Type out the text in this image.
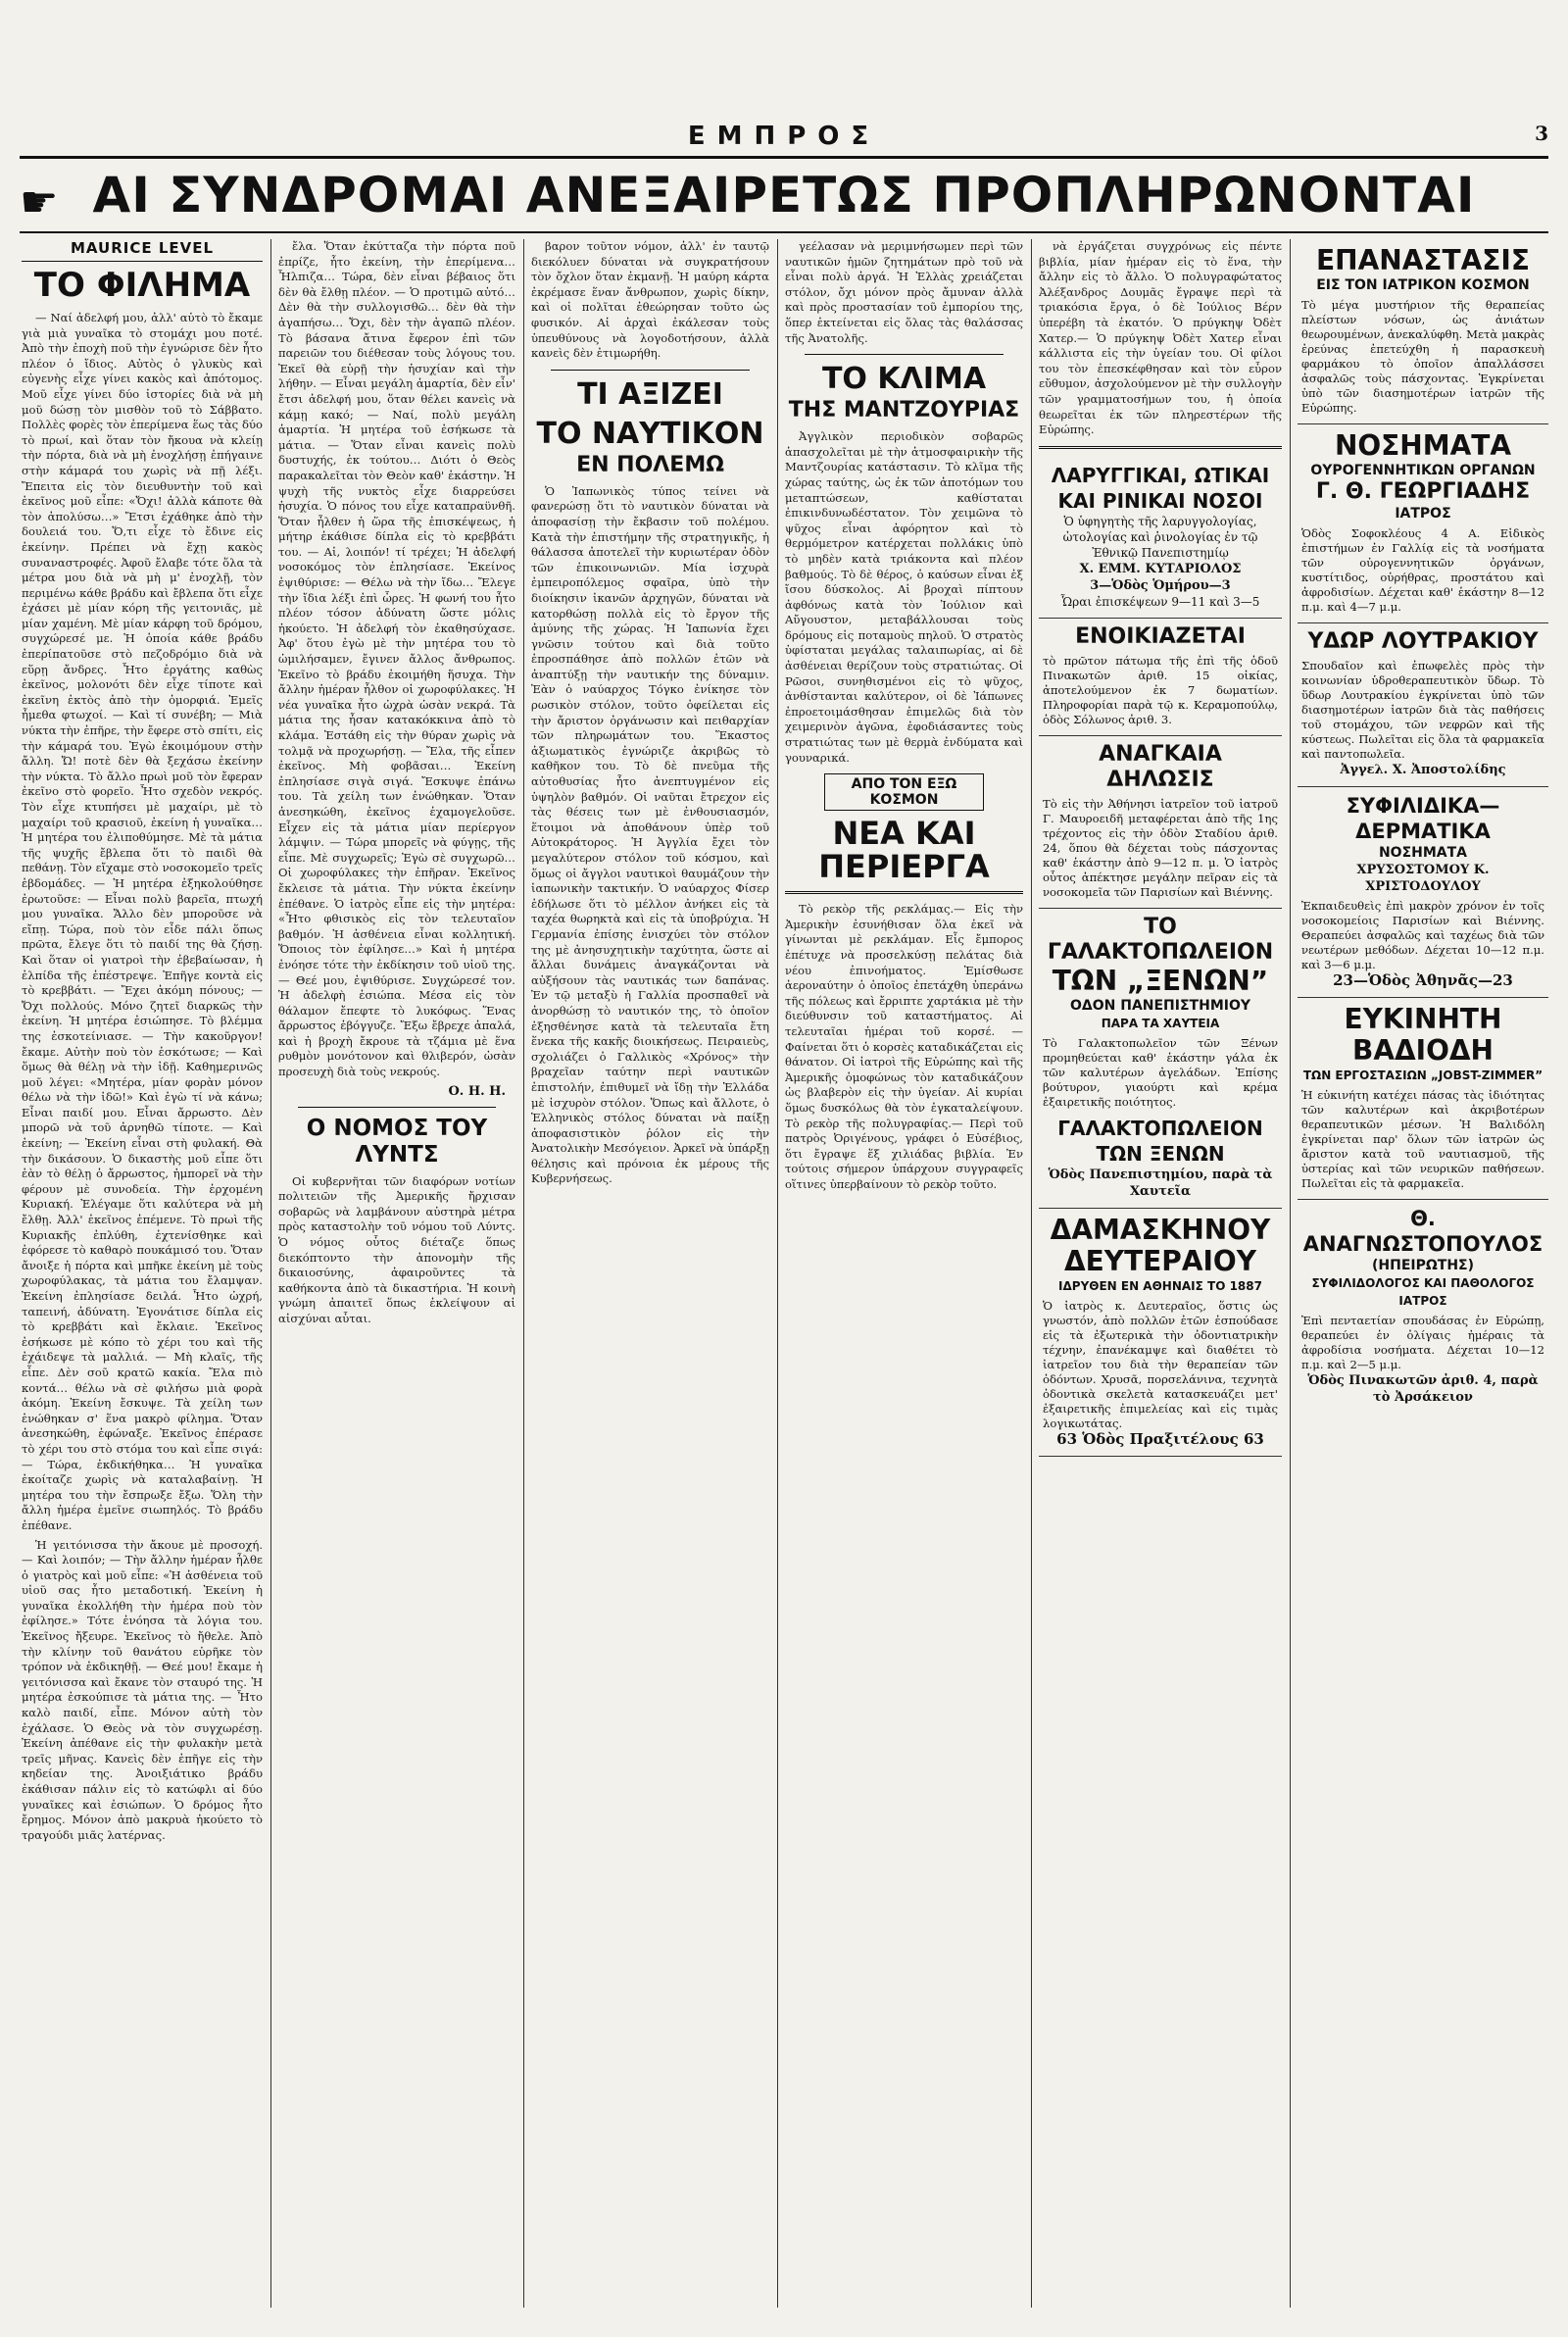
ΕΜΠΡΟΣ	3
☛ ΑΙ ΣΥΝΔΡΟΜΑΙ ΑΝΕΞΑΙΡΕΤΩΣ ΠΡΟΠΛΗΡΩΝΟΝΤΑΙ
MAURICE LEVEL
ΤΟ ΦΙΛΗΜΑ

— Ναί ἀδελφή μου, ἀλλ' αὐτὸ τὸ ἔκαμε γιὰ μιὰ γυναῖκα τὸ στομάχι μου ποτέ. Ἀπὸ τὴν ἐποχὴ ποῦ τὴν ἐγνώρισε δὲν ἦτο πλέον ὁ ἴδιος. Αὐτὸς ὁ γλυκὺς καὶ εὐγενὴς εἶχε γίνει κακὸς καὶ ἀπότομος. Μοῦ εἶχε γίνει δύο ἱστορίες διὰ νὰ μὴ μοῦ δώσῃ τὸν μισθὸν τοῦ τὸ Σάββατο. Πολλὲς φορὲς τὸν ἐπερίμενα ἕως τὰς δύο τὸ πρωί, καὶ ὅταν τὸν ἤκουα νὰ κλείῃ τὴν πόρτα, διὰ νὰ μὴ ἐνοχλήσῃ ἐπήγαινε στὴν κάμαρά του χωρὶς νὰ πῇ λέξι. Ἔπειτα εἰς τὸν διευθυντὴν τοῦ καὶ ἐκεῖνος μοῦ εἶπε: «Ὄχι! ἀλλὰ κάποτε θὰ τὸν ἀπολύσω…» Ἔτσι ἐχάθηκε ἀπὸ τὴν δουλειά του. Ὅ,τι εἶχε τὸ ἔδινε εἰς ἐκείνην. Πρέπει νὰ ἔχῃ κακὸς συναναστροφές. Ἀφοῦ ἔλαβε τότε ὅλα τὰ μέτρα μου διὰ νὰ μὴ μ' ἐνοχλῇ, τὸν περιμένω κάθε βράδυ καὶ ἔβλεπα ὅτι εἶχε ἐχάσει μὲ μίαν κόρη τῆς γειτονιᾶς, μὲ μίαν χαμένη. Μὲ μίαν κάρφη τοῦ δρόμου, συγχώρεσέ με. Ἡ ὁποία κάθε βράδυ ἐπερίπατοῦσε στὸ πεζοδρόμιο διὰ νὰ εὕρῃ ἄνδρες. Ἦτο ἐργάτης καθὼς ἐκεῖνος, μολονότι δὲν εἶχε τίποτε καὶ ἐκεῖνη ἐκτὸς ἀπὸ τὴν ὀμορφιά. Ἐμεῖς ἦμεθα φτωχοί. — Καὶ τί συνέβη; — Μιὰ νύκτα τὴν ἐπῆρε, τὴν ἔφερε στὸ σπίτι, εἰς τὴν κάμαρά του. Ἐγὼ ἐκοιμόμουν στὴν ἄλλη. Ὤ! ποτὲ δὲν θὰ ξεχάσω ἐκείνην τὴν νύκτα. Τὸ ἄλλο πρωὶ μοῦ τὸν ἔφεραν ἐκεῖνο στὸ φορεῖο. Ἦτο σχεδὸν νεκρός. Τὸν εἶχε κτυπήσει μὲ μαχαίρι, μὲ τὸ μαχαίρι τοῦ κρασιοῦ, ἐκείνη ἡ γυναῖκα… Ἡ μητέρα του ἐλιποθύμησε. Μὲ τὰ μάτια τῆς ψυχῆς ἔβλεπα ὅτι τὸ παιδὶ θὰ πεθάνῃ. Τὸν εἴχαμε στὸ νοσοκομεῖο τρεῖς ἑβδομάδες. — Ἡ μητέρα ἐξηκολούθησε ἐρωτοῦσε: — Εἶναι πολὺ βαρεῖα, πτωχή μου γυναῖκα. Ἄλλο δὲν μποροῦσε νὰ εἴπῃ. Τώρα, ποὺ τὸν εἶδε πάλι ὅπως πρῶτα, ἔλεγε ὅτι τὸ παιδί της θὰ ζήσῃ. Καὶ ὅταν οἱ γιατροὶ τὴν ἐβεβαίωσαν, ἡ ἐλπίδα τῆς ἐπέστρεψε. Ἐπῆγε κοντὰ εἰς τὸ κρεββάτι. — Ἔχει ἀκόμη πόνους; — Ὄχι πολλούς. Μόνο ζητεῖ διαρκῶς τὴν ἐκείνη. Ἡ μητέρα ἐσιώπησε. Τὸ βλέμμα της ἐσκοτείνιασε. — Τὴν κακοῦργον! ἔκαμε. Αὐτὴν ποὺ τὸν ἐσκότωσε; — Καὶ ὅμως θὰ θέλῃ νὰ τὴν ἰδῇ. Καθημερινῶς μοῦ λέγει: «Μητέρα, μίαν φορὰν μόνον θέλω νὰ τὴν ἰδῶ!» Καὶ ἐγὼ τί νὰ κάνω; Εἶναι παιδί μου. Εἶναι ἄρρωστο. Δὲν μπορῶ νὰ τοῦ ἀρνηθῶ τίποτε. — Καὶ ἐκείνη; — Ἐκείνη εἶναι στὴ φυλακή. Θὰ τὴν δικάσουν. Ὁ δικαστὴς μοῦ εἶπε ὅτι ἐὰν τὸ θέλῃ ὁ ἄρρωστος, ἠμπορεῖ νὰ τὴν φέρουν μὲ συνοδεία. Τὴν ἐρχομένη Κυριακή. Ἐλέγαμε ὅτι καλύτερα νὰ μὴ ἔλθῃ. Ἀλλ' ἐκεῖνος ἐπέμενε. Τὸ πρωὶ τῆς Κυριακῆς ἐπλύθη, ἐχτενίσθηκε καὶ ἐφόρεσε τὸ καθαρὸ πουκάμισό του. Ὅταν ἄνοιξε ἡ πόρτα καὶ μπῆκε ἐκείνη μὲ τοὺς χωροφύλακας, τὰ μάτια του ἔλαμψαν. Ἐκείνη ἐπλησίασε δειλά. Ἦτο ὠχρή, ταπεινή, ἀδύνατη. Ἐγονάτισε δίπλα εἰς τὸ κρεββάτι καὶ ἔκλαιε. Ἐκεῖνος ἐσήκωσε μὲ κόπο τὸ χέρι του καὶ τῆς ἐχάιδεψε τὰ μαλλιά. — Μὴ κλαῖς, τῆς εἶπε. Δὲν σοῦ κρατῶ κακία. Ἔλα πιὸ κοντά… θέλω νὰ σὲ φιλήσω μιὰ φορὰ ἀκόμη. Ἐκείνη ἔσκυψε. Τὰ χείλη των ἑνώθηκαν σ' ἕνα μακρὸ φίλημα. Ὅταν ἀνεσηκώθη, ἐφώναξε. Ἐκεῖνος ἐπέρασε τὸ χέρι του στὸ στόμα του καὶ εἶπε σιγά: — Τώρα, ἐκδικήθηκα… Ἡ γυναῖκα ἐκοίταζε χωρὶς νὰ καταλαβαίνῃ. Ἡ μητέρα του τὴν ἔσπρωξε ἔξω. Ὅλη τὴν ἄλλη ἡμέρα ἐμεῖνε σιωπηλός. Τὸ βράδυ ἐπέθανε.

Ἡ γειτόνισσα τὴν ἄκουε μὲ προσοχή. — Καὶ λοιπόν; — Τὴν ἄλλην ἡμέραν ἦλθε ὁ γιατρὸς καὶ μοῦ εἶπε: «Ἡ ἀσθένεια τοῦ υἱοῦ σας ἦτο μεταδοτική. Ἐκείνη ἡ γυναῖκα ἐκολλήθη τὴν ἡμέρα ποὺ τὸν ἐφίλησε.» Τότε ἐνόησα τὰ λόγια του. Ἐκεῖνος ἤξευρε. Ἐκεῖνος τὸ ἤθελε. Ἀπὸ τὴν κλίνην τοῦ θανάτου εὑρῆκε τὸν τρόπον νὰ ἐκδικηθῇ. — Θεέ μου! ἔκαμε ἡ γειτόνισσα καὶ ἔκανε τὸν σταυρό της. Ἡ μητέρα ἐσκούπισε τὰ μάτια της. — Ἦτο καλὸ παιδί, εἶπε. Μόνον αὐτὴ τὸν ἐχάλασε. Ὁ Θεὸς νὰ τὸν συγχωρέσῃ. Ἐκείνη ἀπέθανε εἰς τὴν φυλακὴν μετὰ τρεῖς μῆνας. Κανεὶς δὲν ἐπῆγε εἰς τὴν κηδείαν της. Ἀνοιξιάτικο βράδυ ἐκάθισαν πάλιν εἰς τὸ κατώφλι αἱ δύο γυναῖκες καὶ ἐσιώπων. Ὁ δρόμος ἦτο ἔρημος. Μόνον ἀπὸ μακρυὰ ἠκούετο τὸ τραγούδι μιᾶς λατέρνας.

ἔλα. Ὅταν ἐκύτταζα τὴν πόρτα ποῦ ἐπρίζε, ἦτο ἐκείνη, τὴν ἐπερίμενα… Ἦλπιζα… Τώρα, δὲν εἶναι βέβαιος ὅτι δὲν θὰ ἔλθῃ πλέον. — Ὁ προτιμῶ αὐτό… Δὲν θὰ τὴν συλλογισθῶ… δὲν θὰ τὴν ἀγαπήσω… Ὄχι, δὲν τὴν ἀγαπῶ πλέον. Τὸ βάσανα ἄτινα ἔφερον ἐπὶ τῶν παρειῶν του διέθεσαν τοὺς λόγους του. Ἐκεῖ θὰ εὑρῇ τὴν ἡσυχίαν καὶ τὴν λήθην. — Εἶναι μεγάλη ἁμαρτία, δὲν εἶν' ἔτσι ἀδελφή μου, ὅταν θέλει κανεὶς νὰ κάμῃ κακό; — Ναί, πολὺ μεγάλη ἁμαρτία. Ἡ μητέρα τοῦ ἐσήκωσε τὰ μάτια. — Ὅταν εἶναι κανεὶς πολὺ δυστυχής, ἐκ τούτου… Διότι ὁ Θεὸς παρακαλεῖται τὸν Θεὸν καθ' ἑκάστην. Ἡ ψυχὴ τῆς νυκτὸς εἶχε διαρρεύσει ἡσυχία. Ὁ πόνος του εἶχε καταπραϋνθῆ. Ὅταν ἦλθεν ἡ ὥρα τῆς ἐπισκέψεως, ἡ μήτηρ ἐκάθισε δίπλα εἰς τὸ κρεββάτι του. — Αἰ, λοιπόν! τί τρέχει; Ἡ ἀδελφή νοσοκόμος τὸν ἐπλησίασε. Ἐκείνος ἐψιθύρισε: — Θέλω νὰ τὴν ἴδω… Ἔλεγε τὴν ἴδια λέξι ἐπὶ ὧρες. Ἡ φωνή του ἦτο πλέον τόσον ἀδύνατη ὥστε μόλις ἠκούετο. Ἡ ἀδελφή τὸν ἐκαθησύχασε. Ἀφ' ὅτου ἐγὼ μὲ τὴν μητέρα του τὸ ὡμιλήσαμεν, ἔγινεν ἄλλος ἄνθρωπος. Ἐκεῖνο τὸ βράδυ ἐκοιμήθη ἥσυχα. Τὴν ἄλλην ἡμέραν ἦλθον οἱ χωροφύλακες. Ἡ νέα γυναῖκα ἦτο ὠχρὰ ὡσὰν νεκρά. Τὰ μάτια της ἦσαν κατακόκκινα ἀπὸ τὸ κλάμα. Ἐστάθη εἰς τὴν θύραν χωρὶς νὰ τολμᾷ νὰ προχωρήσῃ. — Ἔλα, τῆς εἶπεν ἐκεῖνος. Μὴ φοβᾶσαι… Ἐκείνη ἐπλησίασε σιγὰ σιγά. Ἔσκυψε ἐπάνω του. Τὰ χείλη των ἐνώθηκαν. Ὅταν ἀνεσηκώθη, ἐκεῖνος ἐχαμογελοῦσε. Εἶχεν εἰς τὰ μάτια μίαν περίεργον λάμψιν. — Τώρα μπορεῖς νὰ φύγῃς, τῆς εἶπε. Μὲ συγχωρεῖς; Ἐγὼ σὲ συγχωρῶ… Οἱ χωροφύλακες τὴν ἐπῆραν. Ἐκεῖνος ἔκλεισε τὰ μάτια. Τὴν νύκτα ἐκείνην ἐπέθανε. Ὁ ἰατρὸς εἶπε εἰς τὴν μητέρα: «Ἦτο φθισικὸς εἰς τὸν τελευταῖον βαθμόν. Ἡ ἀσθένεια εἶναι κολλητική. Ὅποιος τὸν ἐφίλησε…» Καὶ ἡ μητέρα ἐνόησε τότε τὴν ἐκδίκησιν τοῦ υἱοῦ της. — Θεέ μου, ἐψιθύρισε. Συγχώρεσέ τον. Ἡ ἀδελφὴ ἐσιώπα. Μέσα εἰς τὸν θάλαμον ἔπεφτε τὸ λυκόφως. Ἕνας ἄρρωστος ἐβόγγυζε. Ἔξω ἔβρεχε ἀπαλά, καὶ ἡ βροχὴ ἔκρουε τὰ τζάμια μὲ ἕνα ρυθμὸν μονότονον καὶ θλιβερόν, ὡσὰν προσευχὴ διὰ τοὺς νεκρούς.

Ο. Η. Η.
Ο ΝΟΜΟΣ ΤΟΥ ΛΥΝΤΣ

Οἱ κυβερνῆται τῶν διαφόρων νοτίων πολιτειῶν τῆς Ἀμερικῆς ἤρχισαν σοβαρῶς νὰ λαμβάνουν αὐστηρὰ μέτρα πρὸς καταστολὴν τοῦ νόμου τοῦ Λύντς. Ὁ νόμος οὗτος διέταζε ὅπως διεκόπτοντο τὴν ἀπονομὴν τῆς δικαιοσύνης, ἀφαιροῦντες τὰ καθήκοντα ἀπὸ τὰ δικαστήρια. Ἡ κοινὴ γνώμη ἀπαιτεῖ ὅπως ἐκλείψουν αἱ αἰσχύναι αὗται.

βαρον τοῦτον νόμον, ἀλλ' ἐν ταυτῷ διεκόλυεν δύναται νὰ συγκρατήσουν τὸν ὄχλον ὅταν ἐκμανῇ. Ἡ μαύρη κάρτα ἐκρέμασε ἕναν ἄνθρωπον, χωρὶς δίκην, καὶ οἱ πολῖται ἐθεώρησαν τοῦτο ὡς φυσικόν. Αἱ ἀρχαὶ ἐκάλεσαν τοὺς ὑπευθύνους νὰ λογοδοτήσουν, ἀλλὰ κανεὶς δὲν ἐτιμωρήθη.

ΤΙ ΑΞΙΖΕΙ
ΤΟ ΝΑΥΤΙΚΟΝ
ΕΝ ΠΟΛΕΜΩ

Ὁ Ἰαπωνικὸς τύπος τείνει νὰ φανερώσῃ ὅτι τὸ ναυτικὸν δύναται νὰ ἀποφασίσῃ τὴν ἔκβασιν τοῦ πολέμου. Κατὰ τὴν ἐπιστήμην τῆς στρατηγικῆς, ἡ θάλασσα ἀποτελεῖ τὴν κυριωτέραν ὁδὸν τῶν ἐπικοινωνιῶν. Μία ἰσχυρὰ ἐμπειροπόλεμος σφαῖρα, ὑπὸ τὴν διοίκησιν ἱκανῶν ἀρχηγῶν, δύναται νὰ κατορθώσῃ πολλὰ εἰς τὸ ἔργον τῆς ἀμύνης τῆς χώρας. Ἡ Ἰαπωνία ἔχει γνῶσιν τούτου καὶ διὰ τοῦτο ἐπροσπάθησε ἀπὸ πολλῶν ἐτῶν νὰ ἀναπτύξῃ τὴν ναυτικήν της δύναμιν. Ἐὰν ὁ ναύαρχος Τόγκο ἐνίκησε τὸν ρωσικὸν στόλον, τοῦτο ὀφείλεται εἰς τὴν ἄριστον ὀργάνωσιν καὶ πειθαρχίαν τῶν πληρωμάτων του. Ἕκαστος ἀξιωματικὸς ἐγνώριζε ἀκριβῶς τὸ καθῆκον του. Τὸ δὲ πνεῦμα τῆς αὐτοθυσίας ἦτο ἀνεπτυγμένον εἰς ὑψηλὸν βαθμόν. Οἱ ναῦται ἔτρεχον εἰς τὰς θέσεις των μὲ ἐνθουσιασμόν, ἕτοιμοι νὰ ἀποθάνουν ὑπὲρ τοῦ Αὐτοκράτορος. Ἡ Ἀγγλία ἔχει τὸν μεγαλύτερον στόλον τοῦ κόσμου, καὶ ὅμως οἱ ἄγγλοι ναυτικοὶ θαυμάζουν τὴν ἰαπωνικὴν τακτικήν. Ὁ ναύαρχος Φίσερ ἐδήλωσε ὅτι τὸ μέλλον ἀνήκει εἰς τὰ ταχέα θωρηκτὰ καὶ εἰς τὰ ὑποβρύχια. Ἡ Γερμανία ἐπίσης ἐνισχύει τὸν στόλον της μὲ ἀνησυχητικὴν ταχύτητα, ὥστε αἱ ἄλλαι δυνάμεις ἀναγκάζονται νὰ αὐξήσουν τὰς ναυτικάς των δαπάνας. Ἐν τῷ μεταξὺ ἡ Γαλλία προσπαθεῖ νὰ ἀνορθώσῃ τὸ ναυτικόν της, τὸ ὁποῖον ἐξησθένησε κατὰ τὰ τελευταῖα ἔτη ἕνεκα τῆς κακῆς διοικήσεως. Πειραιεὺς, σχολιάζει ὁ Γαλλικὸς «Χρόνος» τὴν βραχεῖαν ταύτην περὶ ναυτικῶν ἐπιστολήν, ἐπιθυμεῖ νὰ ἴδῃ τὴν Ἑλλάδα μὲ ἰσχυρὸν στόλον. Ὅπως καὶ ἄλλοτε, ὁ Ἑλληνικὸς στόλος δύναται νὰ παίξῃ ἀποφασιστικὸν ῥόλον εἰς τὴν Ἀνατολικὴν Μεσόγειον. Ἀρκεῖ νὰ ὑπάρξῃ θέλησις καὶ πρόνοια ἐκ μέρους τῆς Κυβερνήσεως.

γεέλασαν νὰ μεριμνήσωμεν περὶ τῶν ναυτικῶν ἡμῶν ζητημάτων πρὸ τοῦ νὰ εἶναι πολὺ ἀργά. Ἡ Ἑλλὰς χρειάζεται στόλον, ὄχι μόνον πρὸς ἄμυναν ἀλλὰ καὶ πρὸς προστασίαν τοῦ ἐμπορίου της, ὅπερ ἐκτείνεται εἰς ὅλας τὰς θαλάσσας τῆς Ἀνατολῆς.

ΤΟ ΚΛΙΜΑ
ΤΗΣ ΜΑΝΤΖΟΥΡΙΑΣ

Ἀγγλικὸν περιοδικὸν σοβαρῶς ἀπασχολεῖται μὲ τὴν ἀτμοσφαιρικὴν τῆς Μαντζουρίας κατάστασιν. Τὸ κλῖμα τῆς χώρας ταύτης, ὡς ἐκ τῶν ἀποτόμων του μεταπτώσεων, καθίσταται ἐπικινδυνωδέστατον. Τὸν χειμῶνα τὸ ψῦχος εἶναι ἀφόρητον καὶ τὸ θερμόμετρον κατέρχεται πολλάκις ὑπὸ τὸ μηδὲν κατὰ τριάκοντα καὶ πλέον βαθμούς. Τὸ δὲ θέρος, ὁ καύσων εἶναι ἐξ ἴσου δύσκολος. Αἱ βροχαὶ πίπτουν ἀφθόνως κατὰ τὸν Ἰούλιον καὶ Αὔγουστον, μεταβάλλουσαι τοὺς δρόμους εἰς ποταμοὺς πηλοῦ. Ὁ στρατὸς ὑφίσταται μεγάλας ταλαιπωρίας, αἱ δὲ ἀσθένειαι θερίζουν τοὺς στρατιώτας. Οἱ Ρῶσοι, συνηθισμένοι εἰς τὸ ψῦχος, ἀνθίστανται καλύτερον, οἱ δὲ Ἰάπωνες ἐπροετοιμάσθησαν ἐπιμελῶς διὰ τὸν χειμερινὸν ἀγῶνα, ἐφοδιάσαντες τοὺς στρατιώτας των μὲ θερμὰ ἐνδύματα καὶ γουναρικά.

ΑΠΟ ΤΟΝ ΕΞΩ ΚΟΣΜΟΝ
ΝΕΑ ΚΑΙ ΠΕΡΙΕΡΓΑ

Τὸ ρεκὸρ τῆς ρεκλάμας.— Εἰς τὴν Ἀμερικὴν ἐσυνήθισαν ὅλα ἐκεῖ νὰ γίνωνται μὲ ρεκλάμαν. Εἷς ἔμπορος ἐπέτυχε νὰ προσελκύσῃ πελάτας διὰ νέου ἐπινοήματος. Ἐμίσθωσε ἀεροναύτην ὁ ὁποῖος ἐπετάχθη ὑπεράνω τῆς πόλεως καὶ ἔρριπτε χαρτάκια μὲ τὴν διεύθυνσιν τοῦ καταστήματος. Αἱ τελευταῖαι ἡμέραι τοῦ κορσέ. — Φαίνεται ὅτι ὁ κορσὲς καταδικάζεται εἰς θάνατον. Οἱ ἰατροὶ τῆς Εὐρώπης καὶ τῆς Ἀμερικῆς ὁμοφώνως τὸν καταδικάζουν ὡς βλαβερὸν εἰς τὴν ὑγείαν. Αἱ κυρίαι ὅμως δυσκόλως θὰ τὸν ἐγκαταλείψουν. Τὸ ρεκὸρ τῆς πολυγραφίας.— Περὶ τοῦ πατρὸς Ὀριγένους, γράφει ὁ Εὐσέβιος, ὅτι ἔγραψε ἕξ χιλιάδας βιβλία. Ἐν τούτοις σήμερον ὑπάρχουν συγγραφεῖς οἵτινες ὑπερβαίνουν τὸ ρεκὸρ τοῦτο.

νὰ ἐργάζεται συγχρόνως εἰς πέντε βιβλία, μίαν ἡμέραν εἰς τὸ ἕνα, τὴν ἄλλην εἰς τὸ ἄλλο. Ὁ πολυγραφώτατος Ἀλέξανδρος Δουμᾶς ἔγραψε περὶ τὰ τριακόσια ἔργα, ὁ δὲ Ἰούλιος Βέρν ὑπερέβη τὰ ἑκατόν. Ὁ πρύγκηψ Ὀδὲτ Χατερ.— Ὁ πρύγκηψ Ὀδὲτ Χατερ εἶναι κάλλιστα εἰς τὴν ὑγείαν του. Οἱ φίλοι του τὸν ἐπεσκέφθησαν καὶ τὸν εὗρον εὔθυμον, ἀσχολούμενον μὲ τὴν συλλογὴν τῶν γραμματοσήμων του, ἡ ὁποία θεωρεῖται ἐκ τῶν πληρεστέρων τῆς Εὐρώπης.

ΛΑΡΥΓΓΙΚΑΙ, ΩΤΙΚΑΙ
ΚΑΙ ΡΙΝΙΚΑΙ ΝΟΣΟΙ
Ὁ ὑφηγητὴς τῆς λαρυγγολογίας, ὠτολογίας καὶ ῥινολογίας ἐν τῷ Ἐθνικῷ Πανεπιστημίῳ
Χ. ΕΜΜ. ΚΥΤΑΡΙΟΛΟΣ
3—Ὁδὸς Ὁμήρου—3
Ὧραι ἐπισκέψεων 9—11 καὶ 3—5
ΕΝΟΙΚΙΑΖΕΤΑΙ
τὸ πρῶτον πάτωμα τῆς ἐπὶ τῆς ὁδοῦ Πινακωτῶν ἀριθ. 15 οἰκίας, ἀποτελούμενον ἐκ 7 δωματίων. Πληροφορίαι παρὰ τῷ κ. Κεραμοπούλῳ, ὁδὸς Σόλωνος ἀριθ. 3.
ΑΝΑΓΚΑΙΑ ΔΗΛΩΣΙΣ
Τὸ εἰς τὴν Ἀθήνησι ἰατρεῖον τοῦ ἰατροῦ Γ. Μαυροειδῆ μεταφέρεται ἀπὸ τῆς 1ης τρέχοντος εἰς τὴν ὁδὸν Σταδίου ἀριθ. 24, ὅπου θὰ δέχεται τοὺς πάσχοντας καθ' ἑκάστην ἀπὸ 9—12 π. μ. Ὁ ἰατρὸς οὗτος ἀπέκτησε μεγάλην πεῖραν εἰς τὰ νοσοκομεῖα τῶν Παρισίων καὶ Βιέννης.
ΤΟ ΓΑΛΑΚΤΟΠΩΛΕΙΟΝ
ΤΩΝ „ΞΕΝΩΝ”
ΟΔΟΝ ΠΑΝΕΠΙΣΤΗΜΙΟΥ
ΠΑΡΑ ΤΑ ΧΑΥΤΕΙΑ
Τὸ Γαλακτοπωλεῖον τῶν Ξένων προμηθεύεται καθ' ἑκάστην γάλα ἐκ τῶν καλυτέρων ἀγελάδων. Ἐπίσης βούτυρον, γιαούρτι καὶ κρέμα ἐξαιρετικῆς ποιότητος.
ΓΑΛΑΚΤΟΠΩΛΕΙΟΝ
ΤΩΝ ΞΕΝΩΝ
Ὁδὸς Πανεπιστημίου, παρὰ τὰ Χαυτεῖα
ΔΑΜΑΣΚΗΝΟΥ
ΔΕΥΤΕΡΑΙΟΥ
ΙΔΡΥΘΕΝ ΕΝ ΑΘΗΝΑΙΣ ΤΟ 1887
Ὁ ἰατρὸς κ. Δευτεραῖος, ὅστις ὡς γνωστόν, ἀπὸ πολλῶν ἐτῶν ἐσπούδασε εἰς τὰ ἐξωτερικὰ τὴν ὀδοντιατρικὴν τέχνην, ἐπανέκαμψε καὶ διαθέτει τὸ ἰατρεῖον του διὰ τὴν θεραπείαν τῶν ὀδόντων. Χρυσᾶ, πορσελάνινα, τεχνητὰ ὀδοντικὰ σκελετὰ κατασκευάζει μετ' ἐξαιρετικῆς ἐπιμελείας καὶ εἰς τιμὰς λογικωτάτας.
63 Ὁδὸς Πραξιτέλους 63
ΕΠΑΝΑΣΤΑΣΙΣ
ΕΙΣ ΤΟΝ ΙΑΤΡΙΚΟΝ ΚΟΣΜΟΝ
Τὸ μέγα μυστήριον τῆς θεραπείας πλείστων νόσων, ὡς ἀνιάτων θεωρουμένων, ἀνεκαλύφθη. Μετὰ μακρὰς ἐρεύνας ἐπετεύχθη ἡ παρασκευὴ φαρμάκου τὸ ὁποῖον ἀπαλλάσσει ἀσφαλῶς τοὺς πάσχοντας. Ἐγκρίνεται ὑπὸ τῶν διασημοτέρων ἰατρῶν τῆς Εὐρώπης.
ΝΟΣΗΜΑΤΑ
ΟΥΡΟΓΕΝΝΗΤΙΚΩΝ ΟΡΓΑΝΩΝ
Γ. Θ. ΓΕΩΡΓΙΑΔΗΣ
ΙΑΤΡΟΣ
Ὁδὸς Σοφοκλέους 4 Α. Εἰδικὸς ἐπιστήμων ἐν Γαλλίᾳ εἰς τὰ νοσήματα τῶν οὐρογεννητικῶν ὀργάνων, κυστίτιδος, οὐρήθρας, προστάτου καὶ ἀφροδισίων. Δέχεται καθ' ἑκάστην 8—12 π.μ. καὶ 4—7 μ.μ.
ΥΔΩΡ ΛΟΥΤΡΑΚΙΟΥ
Σπουδαῖον καὶ ἐπωφελὲς πρὸς τὴν κοινωνίαν ὑδροθεραπευτικὸν ὕδωρ. Τὸ ὕδωρ Λουτρακίου ἐγκρίνεται ὑπὸ τῶν διασημοτέρων ἰατρῶν διὰ τὰς παθήσεις τοῦ στομάχου, τῶν νεφρῶν καὶ τῆς κύστεως. Πωλεῖται εἰς ὅλα τὰ φαρμακεῖα καὶ παντοπωλεῖα.
Ἀγγελ. Χ. Ἀποστολίδης
ΣΥΦΙΛΙΔΙΚΑ—ΔΕΡΜΑΤΙΚΑ
ΝΟΣΗΜΑΤΑ
ΧΡΥΣΟΣΤΟΜΟΥ Κ. ΧΡΙΣΤΟΔΟΥΛΟΥ
Ἐκπαιδευθεὶς ἐπὶ μακρὸν χρόνον ἐν τοῖς νοσοκομείοις Παρισίων καὶ Βιέννης. Θεραπεύει ἀσφαλῶς καὶ ταχέως διὰ τῶν νεωτέρων μεθόδων. Δέχεται 10—12 π.μ. καὶ 3—6 μ.μ.
23—Ὁδὸς Ἀθηνᾶς—23
ΕΥΚΙΝΗΤΗ
ΒΑΔΙΟΔΗ
ΤΩΝ ΕΡΓΟΣΤΑΣΙΩΝ „JOBST-ZIMMER”
Ἡ εὐκινήτη κατέχει πάσας τὰς ἰδιότητας τῶν καλυτέρων καὶ ἀκριβοτέρων θεραπευτικῶν μέσων. Ἡ Βαλιδόλη ἐγκρίνεται παρ' ὅλων τῶν ἰατρῶν ὡς ἄριστον κατὰ τοῦ ναυτιασμοῦ, τῆς ὑστερίας καὶ τῶν νευρικῶν παθήσεων. Πωλεῖται εἰς τὰ φαρμακεῖα.
Θ. ΑΝΑΓΝΩΣΤΟΠΟΥΛΟΣ
(ΗΠΕΙΡΩΤΗΣ)
ΣΥΦΙΛΙΔΟΛΟΓΟΣ ΚΑΙ ΠΑΘΟΛΟΓΟΣ ΙΑΤΡΟΣ
Ἐπὶ πενταετίαν σπουδάσας ἐν Εὐρώπῃ, θεραπεύει ἐν ὀλίγαις ἡμέραις τὰ ἀφροδίσια νοσήματα. Δέχεται 10—12 π.μ. καὶ 2—5 μ.μ.
Ὁδὸς Πινακωτῶν ἀριθ. 4, παρὰ τὸ Ἀρσάκειον
